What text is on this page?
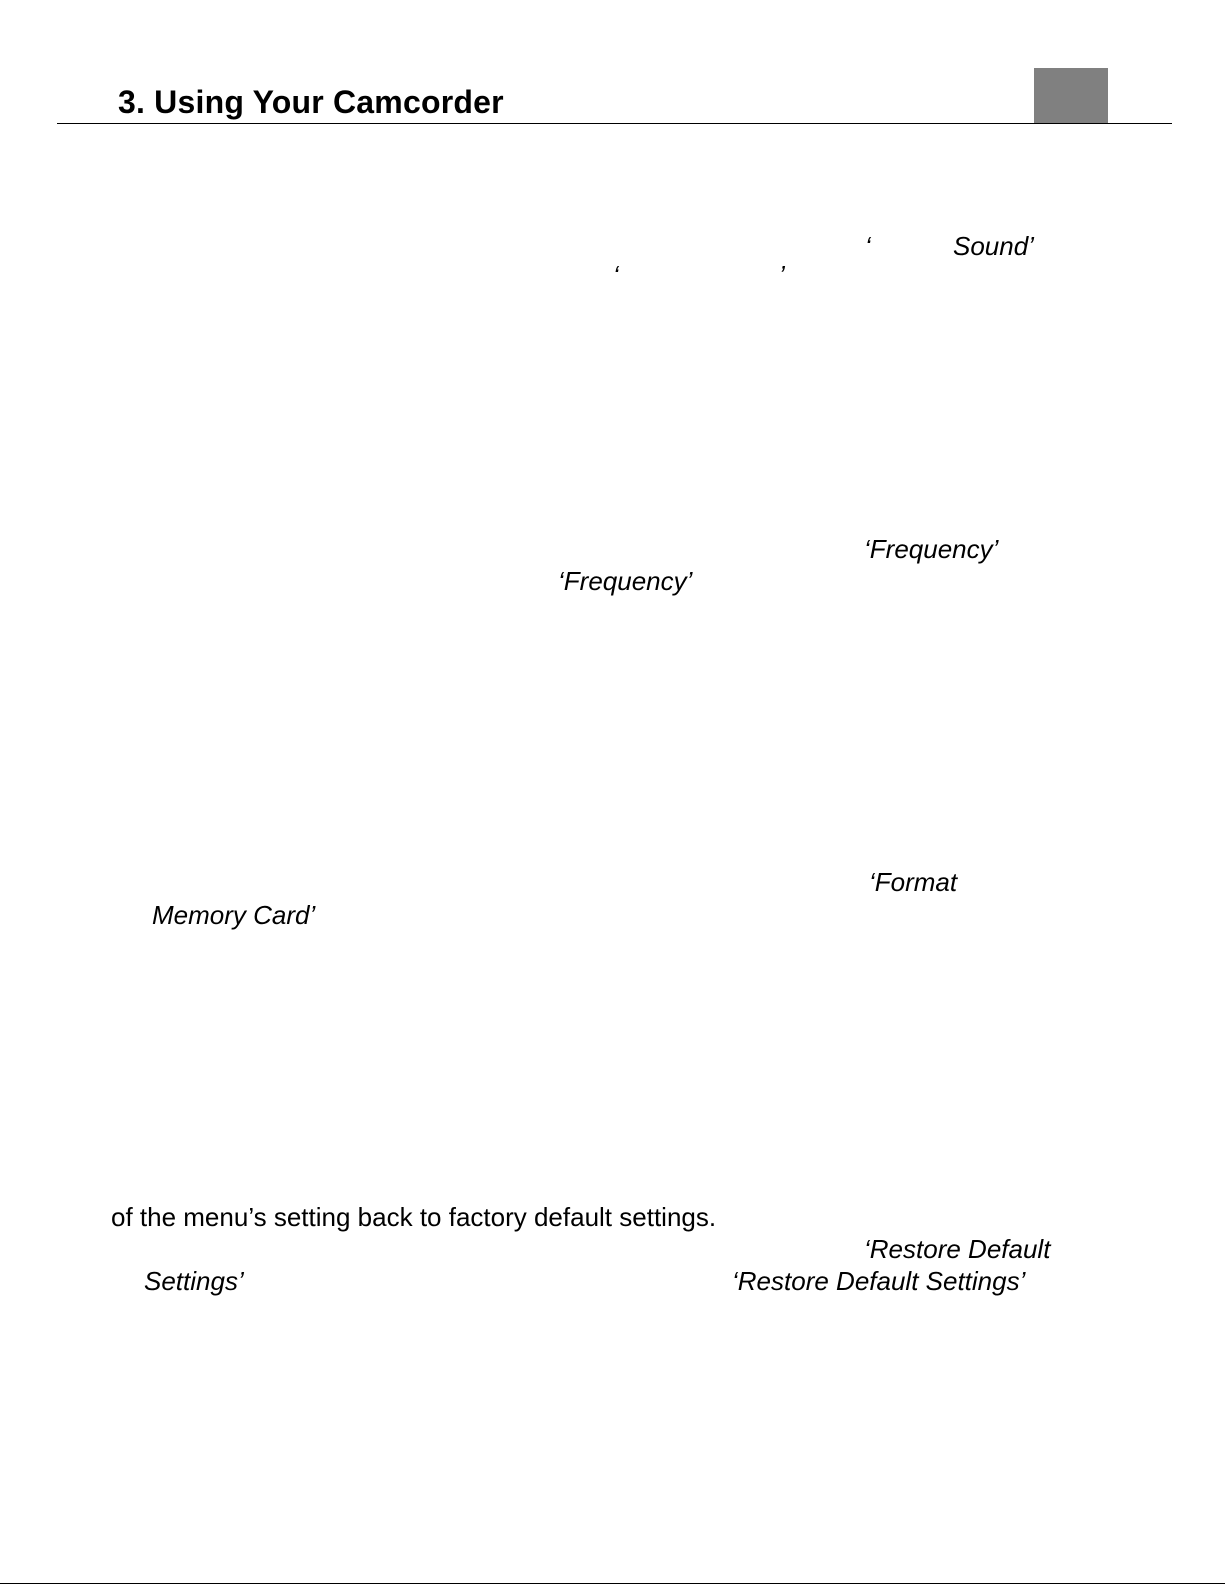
3. Using Your Camcorder
‘	Sound’
‘	’
‘Frequency’
‘Frequency’
‘Format
Memory Card’
of the menu’s setting back to factory default settings.
‘Restore Default
Settings’	‘Restore Default Settings’
